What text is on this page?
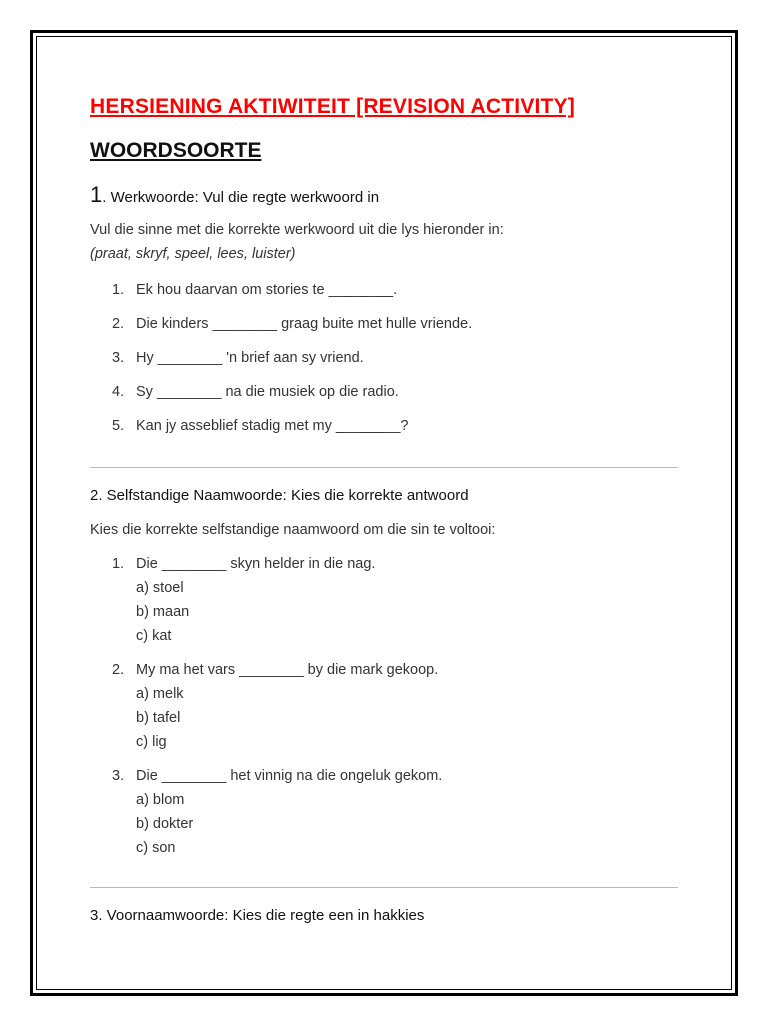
HERSIENING AKTIWITEIT [REVISION ACTIVITY]
WOORDSOORTE
1. Werkwoorde: Vul die regte werkwoord in

Vul die sinne met die korrekte werkwoord uit die lys hieronder in:

(praat, skryf, speel, lees, luister)

1. Ek hou daarvan om stories te ________.

2. Die kinders ________ graag buite met hulle vriende.

3. Hy ________ 'n brief aan sy vriend.

4. Sy ________ na die musiek op die radio.

5. Kan jy asseblief stadig met my ________?

2. Selfstandige Naamwoorde: Kies die korrekte antwoord

Kies die korrekte selfstandige naamwoord om die sin te voltooi:

1. Die ________ skyn helder in die nag.

a) stoel

b) maan

c) kat

2. My ma het vars ________ by die mark gekoop.

a) melk

b) tafel

c) lig

3. Die ________ het vinnig na die ongeluk gekom.

a) blom

b) dokter

c) son

3. Voornaamwoorde: Kies die regte een in hakkies
